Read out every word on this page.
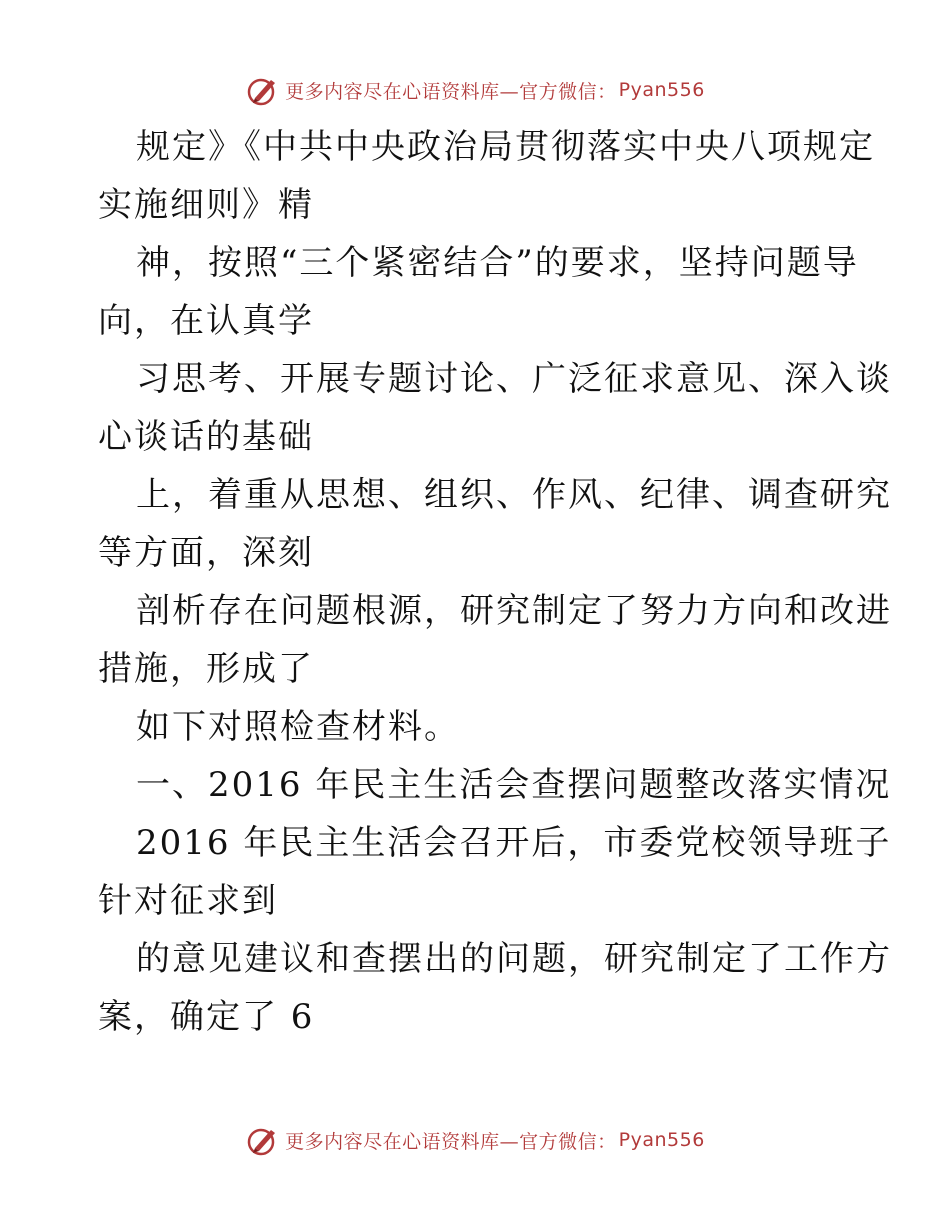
更多内容尽在心语资料库—官方微信： Pyan556
规定》《中共中央政治局贯彻落实中央八项规定
实施细则》精
神，按照“三个紧密结合”的要求，坚持问题导
向，在认真学
习思考、开展专题讨论、广泛征求意见、深入谈
心谈话的基础
上，着重从思想、组织、作风、纪律、调查研究
等方面，深刻
剖析存在问题根源，研究制定了努力方向和改进
措施，形成了
如下对照检查材料。
一、2016 年民主生活会查摆问题整改落实情况
2016 年民主生活会召开后，市委党校领导班子
针对征求到
的意见建议和查摆出的问题，研究制定了工作方
案，确定了 6
更多内容尽在心语资料库—官方微信： Pyan556
